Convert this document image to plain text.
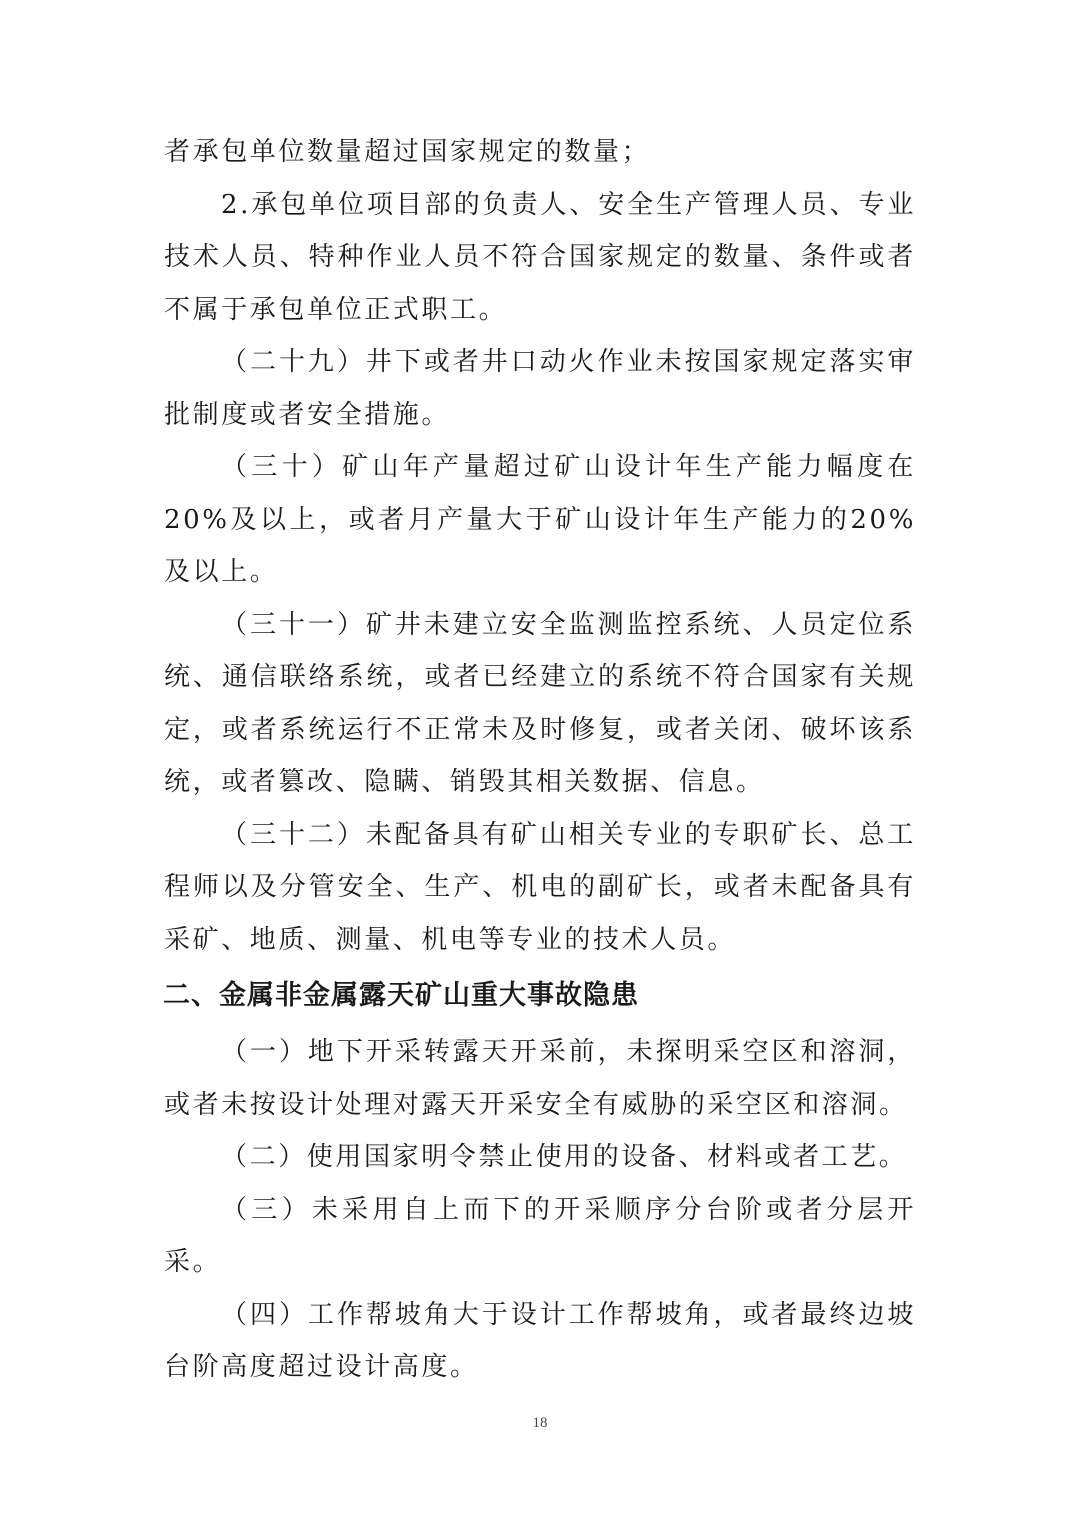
者承包单位数量超过国家规定的数量；

2.承包单位项目部的负责人、安全生产管理人员、专业技术人员、特种作业人员不符合国家规定的数量、条件或者不属于承包单位正式职工。

（二十九）井下或者井口动火作业未按国家规定落实审批制度或者安全措施。

（三十）矿山年产量超过矿山设计年生产能力幅度在20%及以上，或者月产量大于矿山设计年生产能力的20%及以上。

（三十一）矿井未建立安全监测监控系统、人员定位系统、通信联络系统，或者已经建立的系统不符合国家有关规定，或者系统运行不正常未及时修复，或者关闭、破坏该系统，或者篡改、隐瞒、销毁其相关数据、信息。

（三十二）未配备具有矿山相关专业的专职矿长、总工程师以及分管安全、生产、机电的副矿长，或者未配备具有采矿、地质、测量、机电等专业的技术人员。

二、金属非金属露天矿山重大事故隐患

（一）地下开采转露天开采前，未探明采空区和溶洞，或者未按设计处理对露天开采安全有威胁的采空区和溶洞。

（二）使用国家明令禁止使用的设备、材料或者工艺。

（三）未采用自上而下的开采顺序分台阶或者分层开采。

（四）工作帮坡角大于设计工作帮坡角，或者最终边坡台阶高度超过设计高度。

18
